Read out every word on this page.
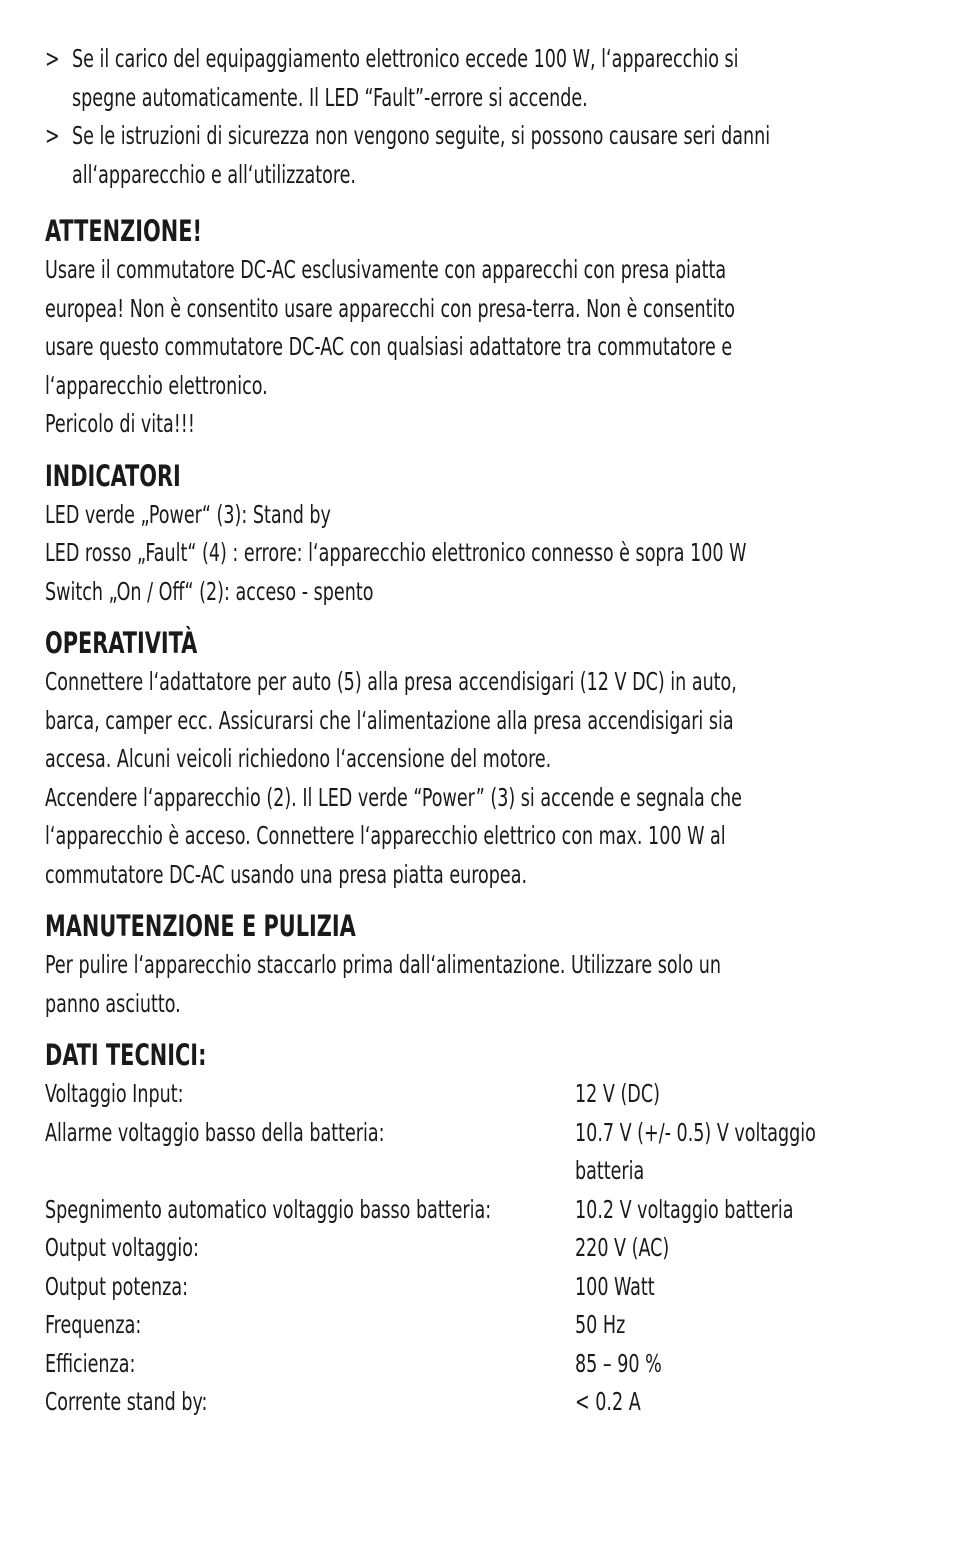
> Se il carico del equipaggiamento elettronico eccede 100 W, l‘apparecchio si
spegne automaticamente. Il LED “Fault”-errore si accende.
> Se le istruzioni di sicurezza non vengono seguite, si possono causare seri danni
all‘apparecchio e all‘utilizzatore.
ATTENZIONE!
Usare il commutatore DC-AC esclusivamente con apparecchi con presa piatta
europea! Non è consentito usare apparecchi con presa-terra. Non è consentito
usare questo commutatore DC-AC con qualsiasi adattatore tra commutatore e
l‘apparecchio elettronico.
Pericolo di vita!!!
INDICATORI
LED verde „Power“ (3): Stand by
LED rosso „Fault“ (4) : errore: l‘apparecchio elettronico connesso è sopra 100 W
Switch „On / Off“ (2): acceso - spento
OPERATIVITÀ
Connettere l‘adattatore per auto (5) alla presa accendisigari (12 V DC) in auto,
barca, camper ecc. Assicurarsi che l‘alimentazione alla presa accendisigari sia
accesa. Alcuni veicoli richiedono l‘accensione del motore.
Accendere l‘apparecchio (2). Il LED verde “Power” (3) si accende e segnala che
l‘apparecchio è acceso. Connettere l‘apparecchio elettrico con max. 100 W al
commutatore DC-AC usando una presa piatta europea.
MANUTENZIONE E PULIZIA
Per pulire l‘apparecchio staccarlo prima dall‘alimentazione. Utilizzare solo un
panno asciutto.
DATI TECNICI:
Voltaggio Input:	12 V (DC)
Allarme voltaggio basso della batteria:	10.7 V (+/- 0.5) V voltaggio
batteria
Spegnimento automatico voltaggio basso batteria:	10.2 V voltaggio batteria
Output voltaggio:	220 V (AC)
Output potenza:	100 Watt
Frequenza:	50 Hz
Efficienza:	85 – 90 %
Corrente stand by:	< 0.2 A
